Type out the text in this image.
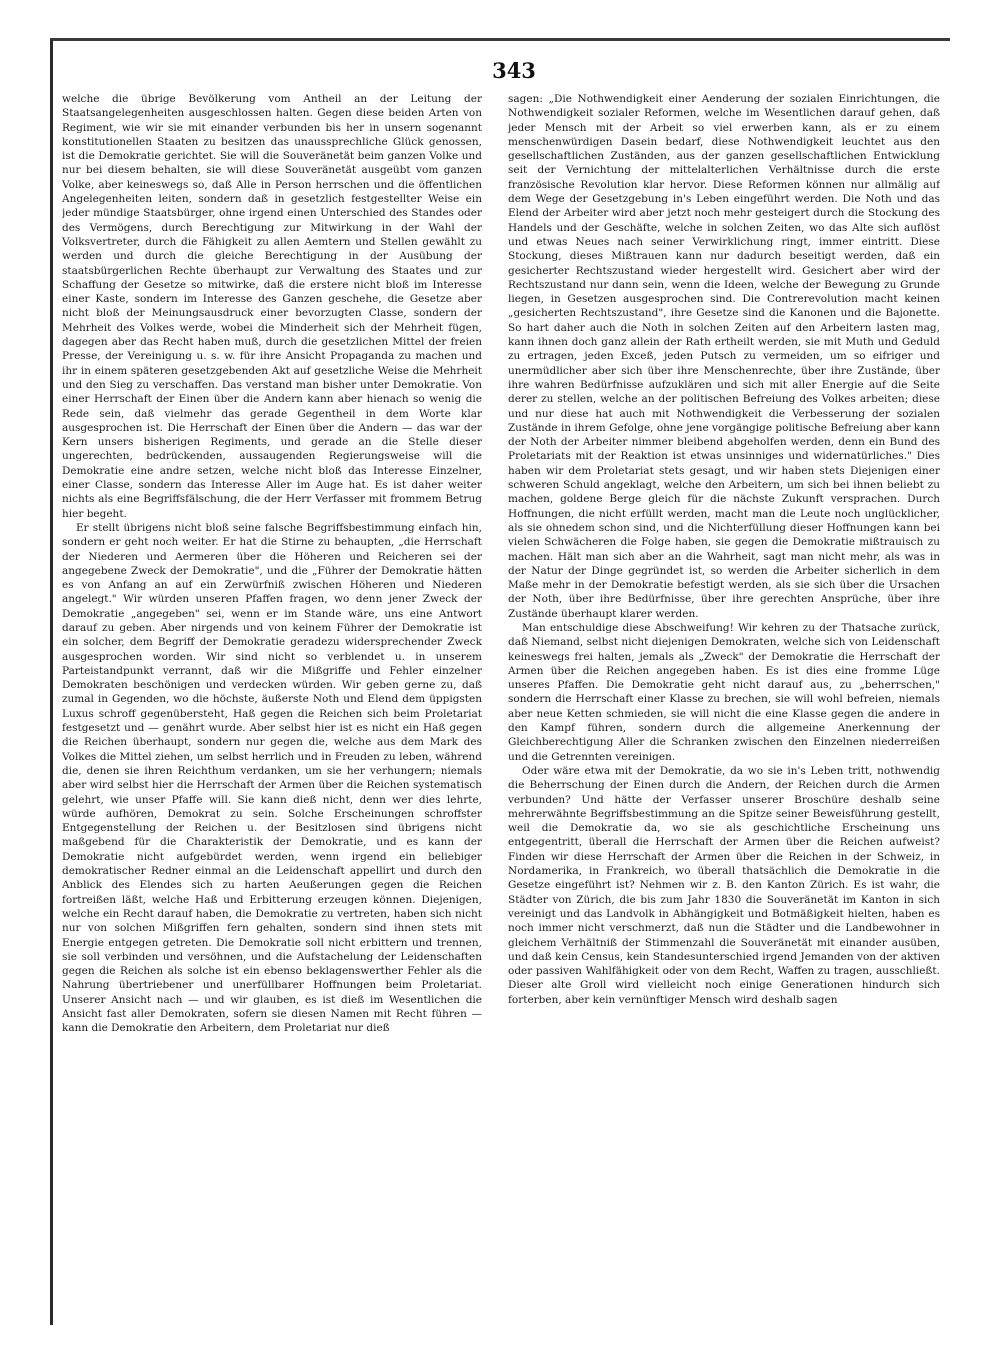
343

welche die übrige Bevölkerung vom Antheil an der Leitung der Staatsangelegenheiten ausgeschlossen halten. Gegen diese beiden Arten von Regiment, wie wir sie mit einander verbunden bis her in unsern sogenannt konstitutionellen Staaten zu besitzen das unaussprechliche Glück genossen, ist die Demokratie gerichtet. Sie will die Souveränetät beim ganzen Volke und nur bei diesem behalten, sie will diese Souveränetät ausgeübt vom ganzen Volke, aber keineswegs so, daß Alle in Person herrschen und die öffentlichen Angelegenheiten leiten, sondern daß in gesetzlich festgestellter Weise ein jeder mündige Staatsbürger, ohne irgend einen Unterschied des Standes oder des Vermögens, durch Berechtigung zur Mitwirkung in der Wahl der Volksvertreter, durch die Fähigkeit zu allen Aemtern und Stellen gewählt zu werden und durch die gleiche Berechtigung in der Ausübung der staatsbürgerlichen Rechte überhaupt zur Verwaltung des Staates und zur Schaffung der Gesetze so mitwirke, daß die erstere nicht bloß im Interesse einer Kaste, sondern im Interesse des Ganzen geschehe, die Gesetze aber nicht bloß der Meinungsausdruck einer bevorzugten Classe, sondern der Mehrheit des Volkes werde, wobei die Minderheit sich der Mehrheit fügen, dagegen aber das Recht haben muß, durch die gesetzlichen Mittel der freien Presse, der Vereinigung u. s. w. für ihre Ansicht Propaganda zu machen und ihr in einem späteren gesetzgebenden Akt auf gesetzliche Weise die Mehrheit und den Sieg zu verschaffen. Das verstand man bisher unter Demokratie. Von einer Herrschaft der Einen über die Andern kann aber hienach so wenig die Rede sein, daß vielmehr das gerade Gegentheil in dem Worte klar ausgesprochen ist. Die Herrschaft der Einen über die Andern — das war der Kern unsers bisherigen Regiments, und gerade an die Stelle dieser ungerechten, bedrückenden, aussaugenden Regierungsweise will die Demokratie eine andre setzen, welche nicht bloß das Interesse Einzelner, einer Classe, sondern das Interesse Aller im Auge hat. Es ist daher weiter nichts als eine Begriffsfälschung, die der Herr Verfasser mit frommem Betrug hier begeht.

Er stellt übrigens nicht bloß seine falsche Begriffsbestimmung einfach hin, sondern er geht noch weiter. Er hat die Stirne zu behaupten, „die Herrschaft der Niederen und Aermeren über die Höheren und Reicheren sei der angegebene Zweck der Demokratie", und die „Führer der Demokratie hätten es von Anfang an auf ein Zerwürfniß zwischen Höheren und Niederen angelegt." Wir würden unseren Pfaffen fragen, wo denn jener Zweck der Demokratie „angegeben" sei, wenn er im Stande wäre, uns eine Antwort darauf zu geben. Aber nirgends und von keinem Führer der Demokratie ist ein solcher, dem Begriff der Demokratie geradezu widersprechender Zweck ausgesprochen worden. Wir sind nicht so verblendet u. in unserem Parteistandpunkt verrannt, daß wir die Mißgriffe und Fehler einzelner Demokraten beschönigen und verdecken würden. Wir geben gerne zu, daß zumal in Gegenden, wo die höchste, äußerste Noth und Elend dem üppigsten Luxus schroff gegenübersteht, Haß gegen die Reichen sich beim Proletariat festgesetzt und — genährt wurde. Aber selbst hier ist es nicht ein Haß gegen die Reichen überhaupt, sondern nur gegen die, welche aus dem Mark des Volkes die Mittel ziehen, um selbst herrlich und in Freuden zu leben, während die, denen sie ihren Reichthum verdanken, um sie her verhungern; niemals aber wird selbst hier die Herrschaft der Armen über die Reichen systematisch gelehrt, wie unser Pfaffe will. Sie kann dieß nicht, denn wer dies lehrte, würde aufhören, Demokrat zu sein. Solche Erscheinungen schroffster Entgegenstellung der Reichen u. der Besitzlosen sind übrigens nicht maßgebend für die Charakteristik der Demokratie, und es kann der Demokratie nicht aufgebürdet werden, wenn irgend ein beliebiger demokratischer Redner einmal an die Leidenschaft appellirt und durch den Anblick des Elendes sich zu harten Aeußerungen gegen die Reichen fortreißen läßt, welche Haß und Erbitterung erzeugen können. Diejenigen, welche ein Recht darauf haben, die Demokratie zu vertreten, haben sich nicht nur von solchen Mißgriffen fern gehalten, sondern sind ihnen stets mit Energie entgegen getreten. Die Demokratie soll nicht erbittern und trennen, sie soll verbinden und versöhnen, und die Aufstachelung der Leidenschaften gegen die Reichen als solche ist ein ebenso beklagenswerther Fehler als die Nahrung übertriebener und unerfüllbarer Hoffnungen beim Proletariat. Unserer Ansicht nach — und wir glauben, es ist dieß im Wesentlichen die Ansicht fast aller Demokraten, sofern sie diesen Namen mit Recht führen — kann die Demokratie den Arbeitern, dem Proletariat nur dieß

sagen: „Die Nothwendigkeit einer Aenderung der sozialen Einrichtungen, die Nothwendigkeit sozialer Reformen, welche im Wesentlichen darauf gehen, daß jeder Mensch mit der Arbeit so viel erwerben kann, als er zu einem menschenwürdigen Dasein bedarf, diese Nothwendigkeit leuchtet aus den gesellschaftlichen Zuständen, aus der ganzen gesellschaftlichen Entwicklung seit der Vernichtung der mittelalterlichen Verhältnisse durch die erste französische Revolution klar hervor. Diese Reformen können nur allmälig auf dem Wege der Gesetzgebung in's Leben eingeführt werden. Die Noth und das Elend der Arbeiter wird aber jetzt noch mehr gesteigert durch die Stockung des Handels und der Geschäfte, welche in solchen Zeiten, wo das Alte sich auflöst und etwas Neues nach seiner Verwirklichung ringt, immer eintritt. Diese Stockung, dieses Mißtrauen kann nur dadurch beseitigt werden, daß ein gesicherter Rechtszustand wieder hergestellt wird. Gesichert aber wird der Rechtszustand nur dann sein, wenn die Ideen, welche der Bewegung zu Grunde liegen, in Gesetzen ausgesprochen sind. Die Contrerevolution macht keinen „gesicherten Rechtszustand", ihre Gesetze sind die Kanonen und die Bajonette. So hart daher auch die Noth in solchen Zeiten auf den Arbeitern lasten mag, kann ihnen doch ganz allein der Rath ertheilt werden, sie mit Muth und Geduld zu ertragen, jeden Exceß, jeden Putsch zu vermeiden, um so eifriger und unermüdlicher aber sich über ihre Menschenrechte, über ihre Zustände, über ihre wahren Bedürfnisse aufzuklären und sich mit aller Energie auf die Seite derer zu stellen, welche an der politischen Befreiung des Volkes arbeiten; diese und nur diese hat auch mit Nothwendigkeit die Verbesserung der sozialen Zustände in ihrem Gefolge, ohne jene vorgängige politische Befreiung aber kann der Noth der Arbeiter nimmer bleibend abgeholfen werden, denn ein Bund des Proletariats mit der Reaktion ist etwas unsinniges und widernatürliches." Dies haben wir dem Proletariat stets gesagt, und wir haben stets Diejenigen einer schweren Schuld angeklagt, welche den Arbeitern, um sich bei ihnen beliebt zu machen, goldene Berge gleich für die nächste Zukunft versprachen. Durch Hoffnungen, die nicht erfüllt werden, macht man die Leute noch unglücklicher, als sie ohnedem schon sind, und die Nichterfüllung dieser Hoffnungen kann bei vielen Schwächeren die Folge haben, sie gegen die Demokratie mißtrauisch zu machen. Hält man sich aber an die Wahrheit, sagt man nicht mehr, als was in der Natur der Dinge gegründet ist, so werden die Arbeiter sicherlich in dem Maße mehr in der Demokratie befestigt werden, als sie sich über die Ursachen der Noth, über ihre Bedürfnisse, über ihre gerechten Ansprüche, über ihre Zustände überhaupt klarer werden.

Man entschuldige diese Abschweifung! Wir kehren zu der Thatsache zurück, daß Niemand, selbst nicht diejenigen Demokraten, welche sich von Leidenschaft keineswegs frei halten, jemals als „Zweck" der Demokratie die Herrschaft der Armen über die Reichen angegeben haben. Es ist dies eine fromme Lüge unseres Pfaffen. Die Demokratie geht nicht darauf aus, zu „beherrschen," sondern die Herrschaft einer Klasse zu brechen, sie will wohl befreien, niemals aber neue Ketten schmieden, sie will nicht die eine Klasse gegen die andere in den Kampf führen, sondern durch die allgemeine Anerkennung der Gleichberechtigung Aller die Schranken zwischen den Einzelnen niederreißen und die Getrennten vereinigen.

Oder wäre etwa mit der Demokratie, da wo sie in's Leben tritt, nothwendig die Beherrschung der Einen durch die Andern, der Reichen durch die Armen verbunden? Und hätte der Verfasser unserer Broschüre deshalb seine mehrerwähnte Begriffsbestimmung an die Spitze seiner Beweisführung gestellt, weil die Demokratie da, wo sie als geschichtliche Erscheinung uns entgegentritt, überall die Herrschaft der Armen über die Reichen aufweist? Finden wir diese Herrschaft der Armen über die Reichen in der Schweiz, in Nordamerika, in Frankreich, wo überall thatsächlich die Demokratie in die Gesetze eingeführt ist? Nehmen wir z. B. den Kanton Zürich. Es ist wahr, die Städter von Zürich, die bis zum Jahr 1830 die Souveränetät im Kanton in sich vereinigt und das Landvolk in Abhängigkeit und Botmäßigkeit hielten, haben es noch immer nicht verschmerzt, daß nun die Städter und die Landbewohner in gleichem Verhältniß der Stimmenzahl die Souveränetät mit einander ausüben, und daß kein Census, kein Standesunterschied irgend Jemanden von der aktiven oder passiven Wahlfähigkeit oder von dem Recht, Waffen zu tragen, ausschließt. Dieser alte Groll wird vielleicht noch einige Generationen hindurch sich forterben, aber kein vernünftiger Mensch wird deshalb sagen
